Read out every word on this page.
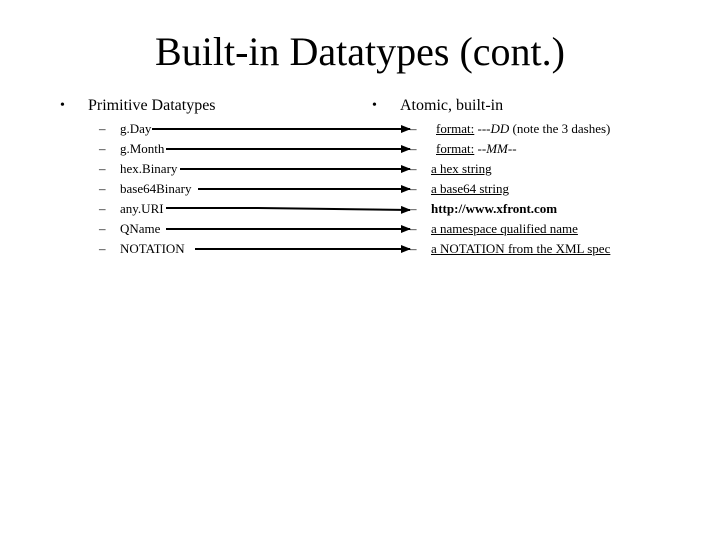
Built-in Datatypes (cont.)
• Primitive Datatypes
– g.Day
– g.Month
– hex.Binary
– base64Binary
– any.URI
– QName
– NOTATION
• Atomic, built-in
– format: ---DD (note the 3 dashes)
– format: --MM--
– a hex string
– a base64 string
– http://www.xfront.com
– a namespace qualified name
– a NOTATION from the XML spec
